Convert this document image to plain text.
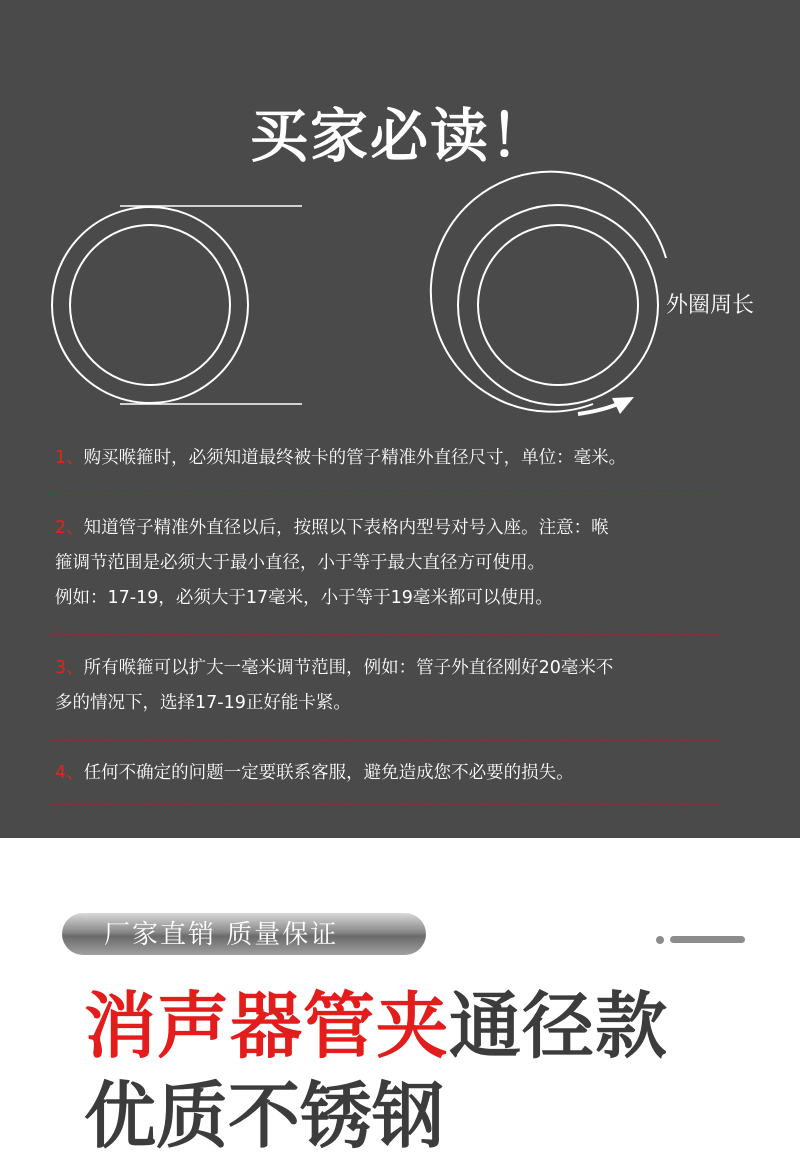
买家必读！
外圈周长

1、购买喉箍时，必须知道最终被卡的管子精准外直径尺寸，单位：毫米。

2、知道管子精准外直径以后，按照以下表格内型号对号入座。注意：喉

箍调节范围是必须大于最小直径，小于等于最大直径方可使用。

例如：17-19，必须大于17毫米，小于等于19毫米都可以使用。

3、所有喉箍可以扩大一毫米调节范围，例如：管子外直径刚好20毫米不

多的情况下，选择17-19正好能卡紧。

4、任何不确定的问题一定要联系客服，避免造成您不必要的损失。

厂家直销 质量保证
消声器管夹通径款
优质不锈钢
